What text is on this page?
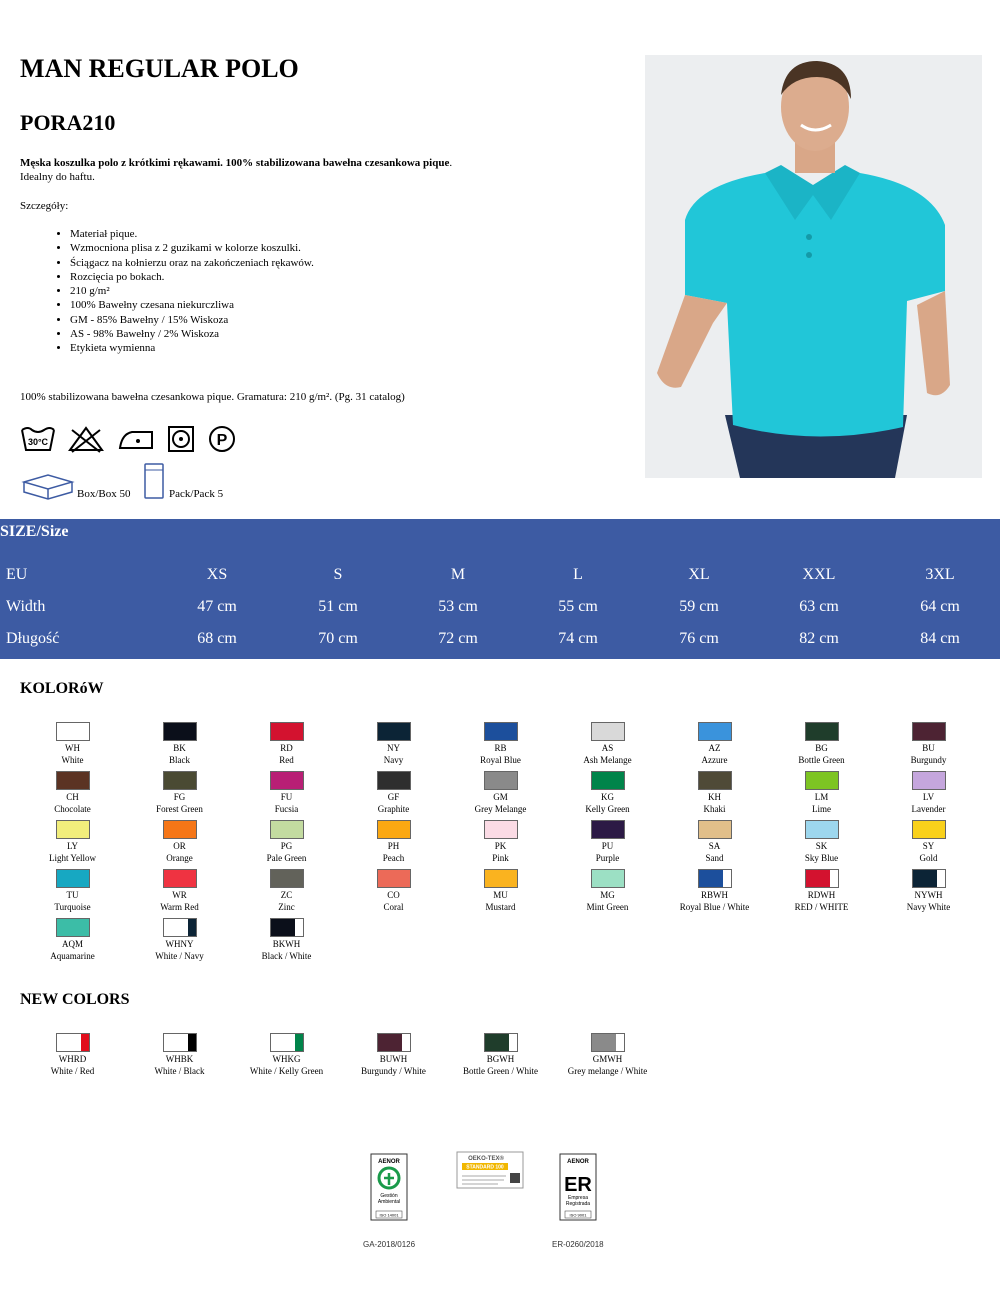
MAN REGULAR POLO
PORA210
Męska koszulka polo z krótkimi rękawami. 100% stabilizowana bawełna czesankowa pique.
Idealny do haftu.
Szczegóły:
• Materiał pique.
• Wzmocniona plisa z 2 guzikami w kolorze koszulki.
• Ściągacz na kołnierzu oraz na zakończeniach rękawów.
• Rozcięcia po bokach.
• 210 g/m²
• 100% Bawełny czesana niekurczliwa
• GM - 85% Bawełny / 15% Wiskoza
• AS - 98% Bawełny / 2% Wiskoza
• Etykieta wymienna
100% stabilizowana bawełna czesankowa pique. Gramatura: 210 g/m². (Pg. 31 catalog)
30°C
	P
Box/Box 50	Pack/Pack 5
SIZE/Size
EU	XS	S	M	L	XL	XXL	3XL
Width	47 cm	51 cm	53 cm	55 cm	59 cm	63 cm	64 cm
Długość	68 cm	70 cm	72 cm	74 cm	76 cm	82 cm	84 cm
KOLORóW
WH
White
BK
Black
RD
Red
NY
Navy
RB
Royal Blue
AS
Ash Melange
AZ
Azzure
BG
Bottle Green
BU
Burgundy
CH
Chocolate
FG
Forest Green
FU
Fucsia
GF
Graphite
GM
Grey Melange
KG
Kelly Green
KH
Khaki
LM
Lime
LV
Lavender
LY
Light Yellow
OR
Orange
PG
Pale Green
PH
Peach
PK
Pink
PU
Purple
SA
Sand
SK
Sky Blue
SY
Gold
TU
Turquoise
WR
Warm Red
ZC
Zinc
CO
Coral
MU
Mustard
MG
Mint Green
RBWH
Royal Blue / White
RDWH
RED / WHITE
NYWH
Navy White
AQM
Aquamarine
WHNY
White / Navy
BKWH
Black / White
NEW COLORS
WHRD
White / Red
WHBK
White / Black
WHKG
White / Kelly Green
BUWH
Burgundy / White
BGWH
Bottle Green / White
GMWH
Grey melange / White
AENOR
Gestión
Ambiental
ISO 14001
GA-2018/0126
OEKO-TEX®
STANDARD 100
AENOR
ER
Empresa
Registrada
ISO 9001
ER-0260/2018
